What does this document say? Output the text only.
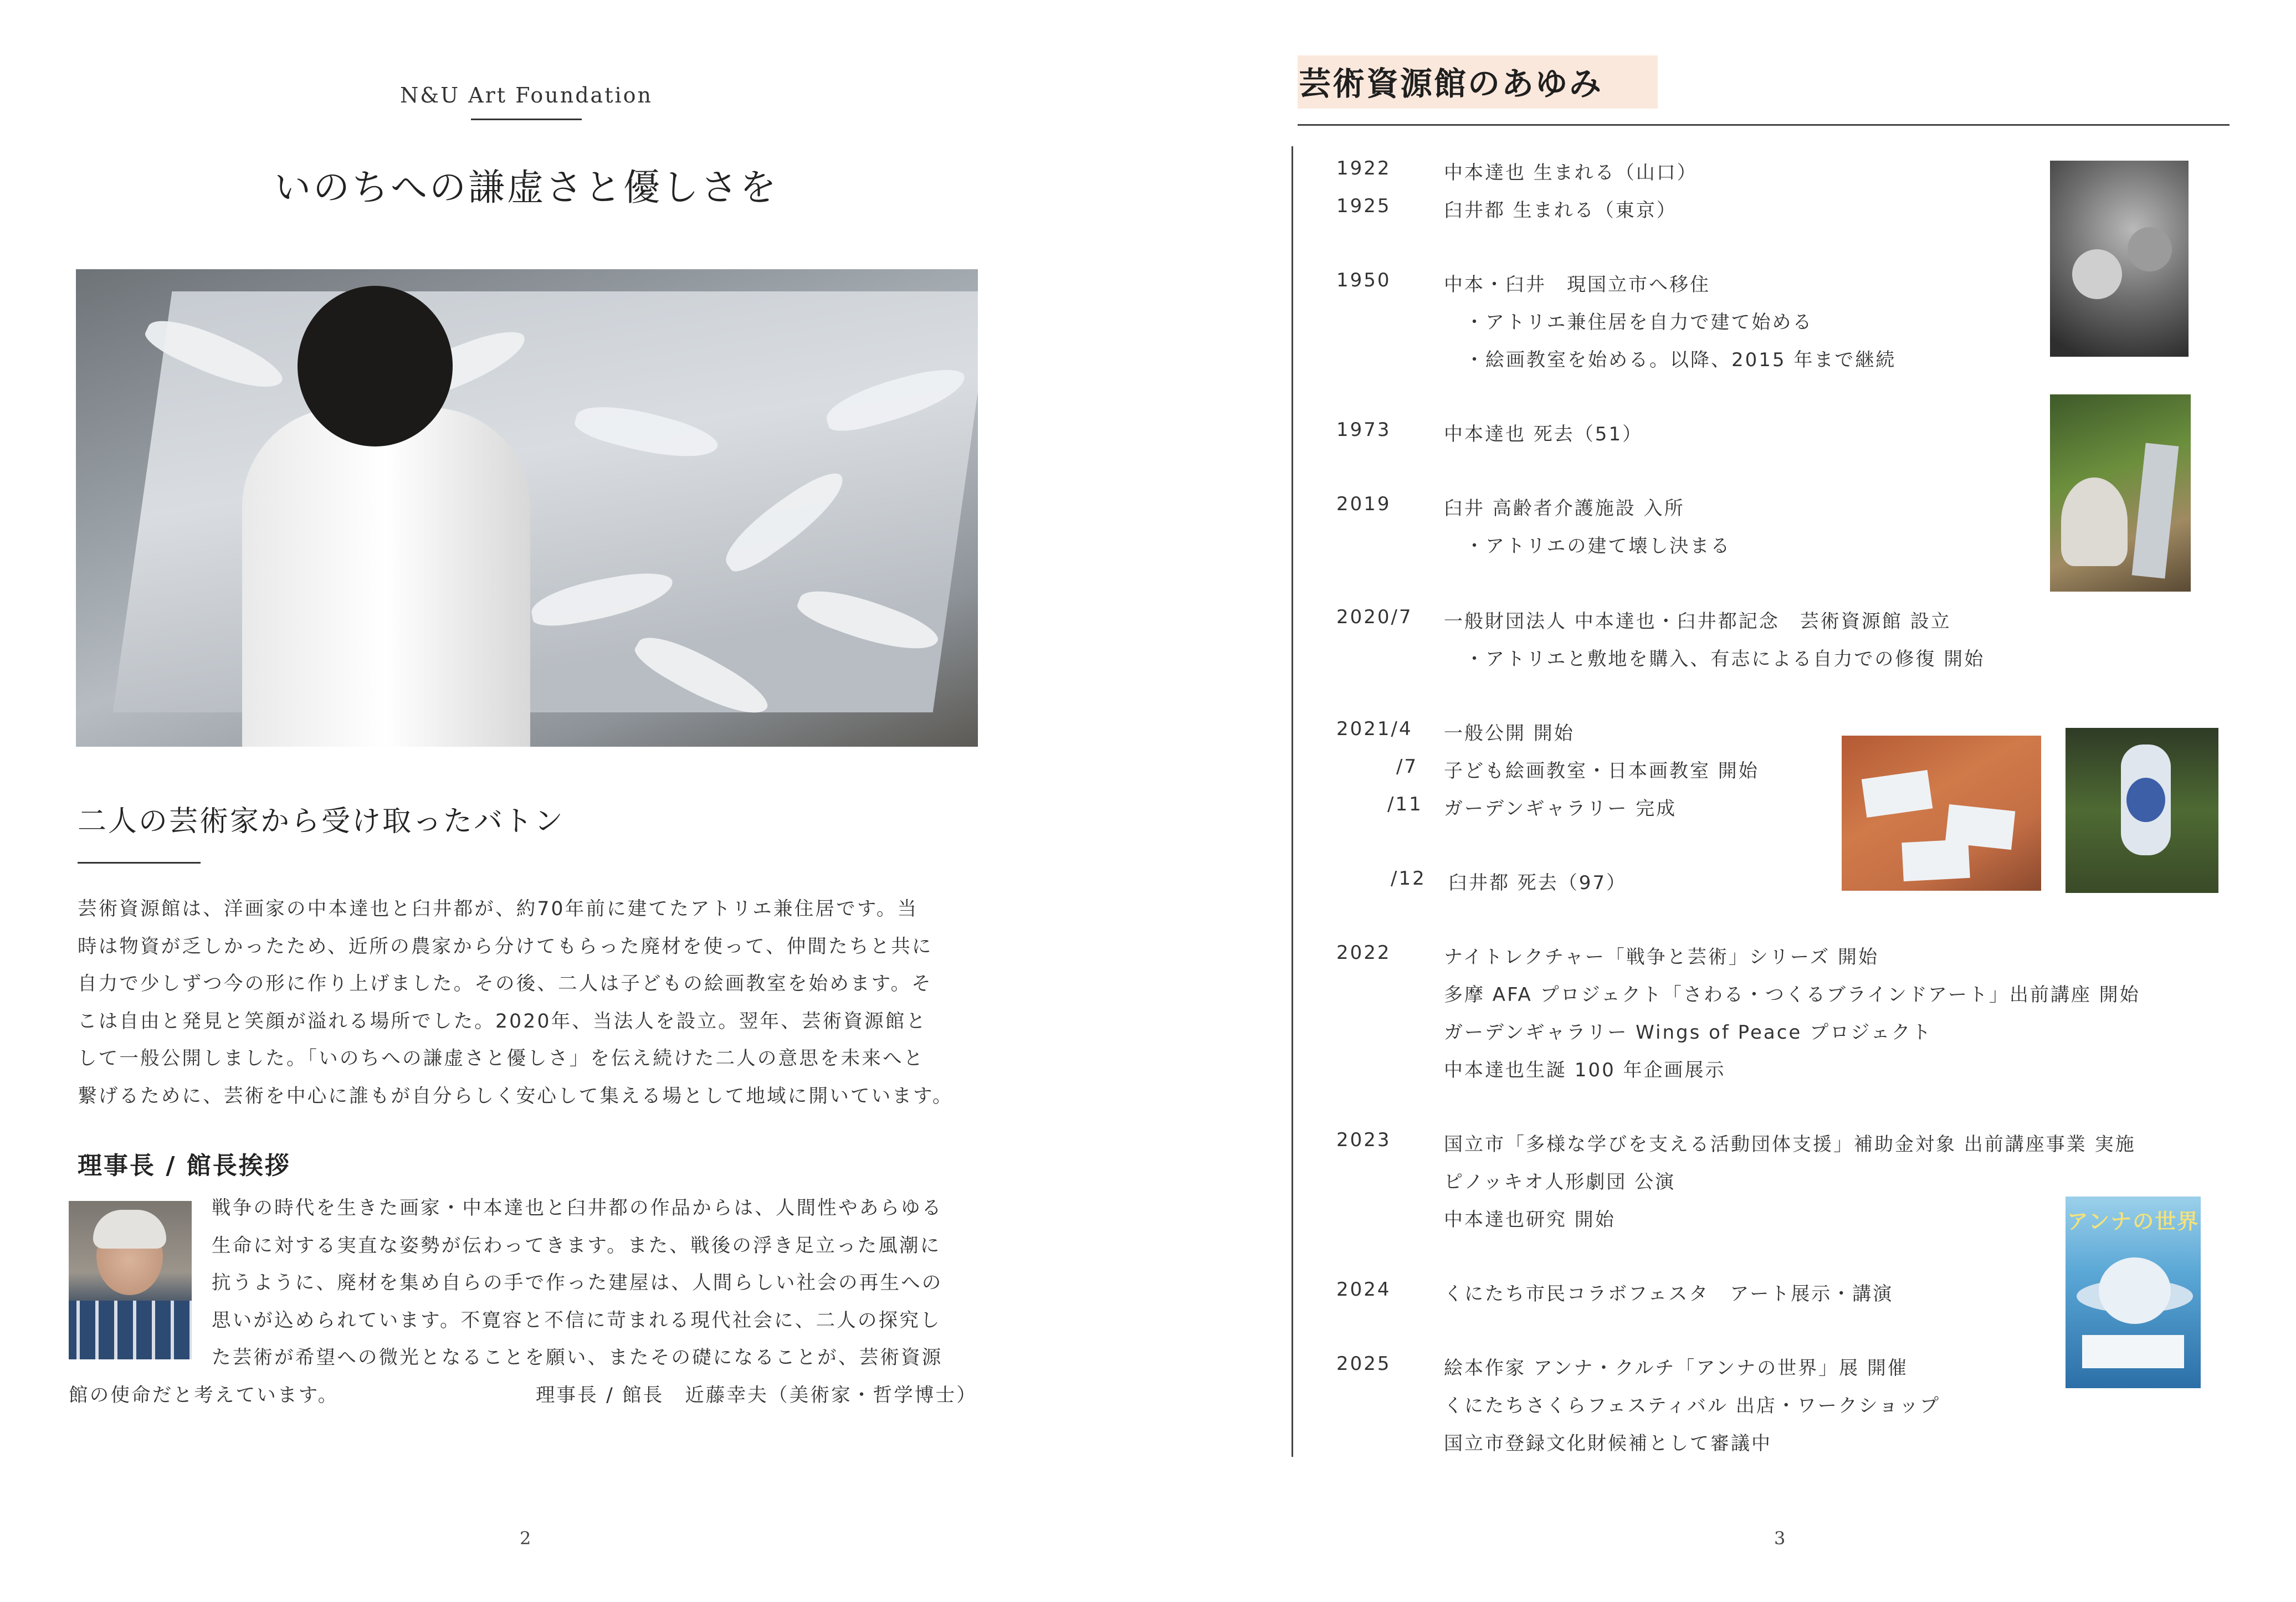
N&U Art Foundation
いのちへの謙虚さと優しさを
二人の芸術家から受け取ったバトン

芸術資源館は、洋画家の中本達也と臼井都が、約70年前に建てたアトリエ兼住居です。当
時は物資が乏しかったため、近所の農家から分けてもらった廃材を使って、仲間たちと共に
自力で少しずつ今の形に作り上げました。その後、二人は子どもの絵画教室を始めます。そ
こは自由と発見と笑顔が溢れる場所でした。2020年、当法人を設立。翌年、芸術資源館と
して一般公開しました。「いのちへの謙虚さと優しさ」を伝え続けた二人の意思を未来へと
繋げるために、芸術を中心に誰もが自分らしく安心して集える場として地域に開いています。

理事長 / 館長挨拶

戦争の時代を生きた画家・中本達也と臼井都の作品からは、人間性やあらゆる
生命に対する実直な姿勢が伝わってきます。また、戦後の浮き足立った風潮に
抗うように、廃材を集め自らの手で作った建屋は、人間らしい社会の再生への
思いが込められています。不寛容と不信に苛まれる現代社会に、二人の探究し
た芸術が希望への微光となることを願い、またその礎になることが、芸術資源
館の使命だと考えています。	理事長 / 館長　近藤幸夫（美術家・哲学博士）

2
芸術資源館のあゆみ
1922	中本達也 生まれる（山口）
1925	臼井都 生まれる（東京）
1950	中本・臼井　現国立市へ移住
・アトリエ兼住居を自力で建て始める
・絵画教室を始める。以降、2015 年まで継続
1973	中本達也 死去（51）
2019	臼井 高齢者介護施設 入所
・アトリエの建て壊し決まる
2020/7 一般財団法人 中本達也・臼井都記念　芸術資源館 設立
・アトリエと敷地を購入、有志による自力での修復 開始
2021/4 一般公開 開始
/7 子ども絵画教室・日本画教室 開始
/11 ガーデンギャラリー 完成
/12 臼井都 死去（97）
2022	ナイトレクチャー「戦争と芸術」シリーズ 開始
多摩 AFA プロジェクト「さわる・つくるブラインドアート」出前講座 開始
ガーデンギャラリー Wings of Peace プロジェクト
中本達也生誕 100 年企画展示
2023	国立市「多様な学びを支える活動団体支援」補助金対象 出前講座事業 実施
ピノッキオ人形劇団 公演
中本達也研究 開始
2024	くにたち市民コラボフェスタ　アート展示・講演
2025	絵本作家 アンナ・クルチ「アンナの世界」展 開催
くにたちさくらフェスティバル 出店・ワークショップ
国立市登録文化財候補として審議中
アンナの世界
3
